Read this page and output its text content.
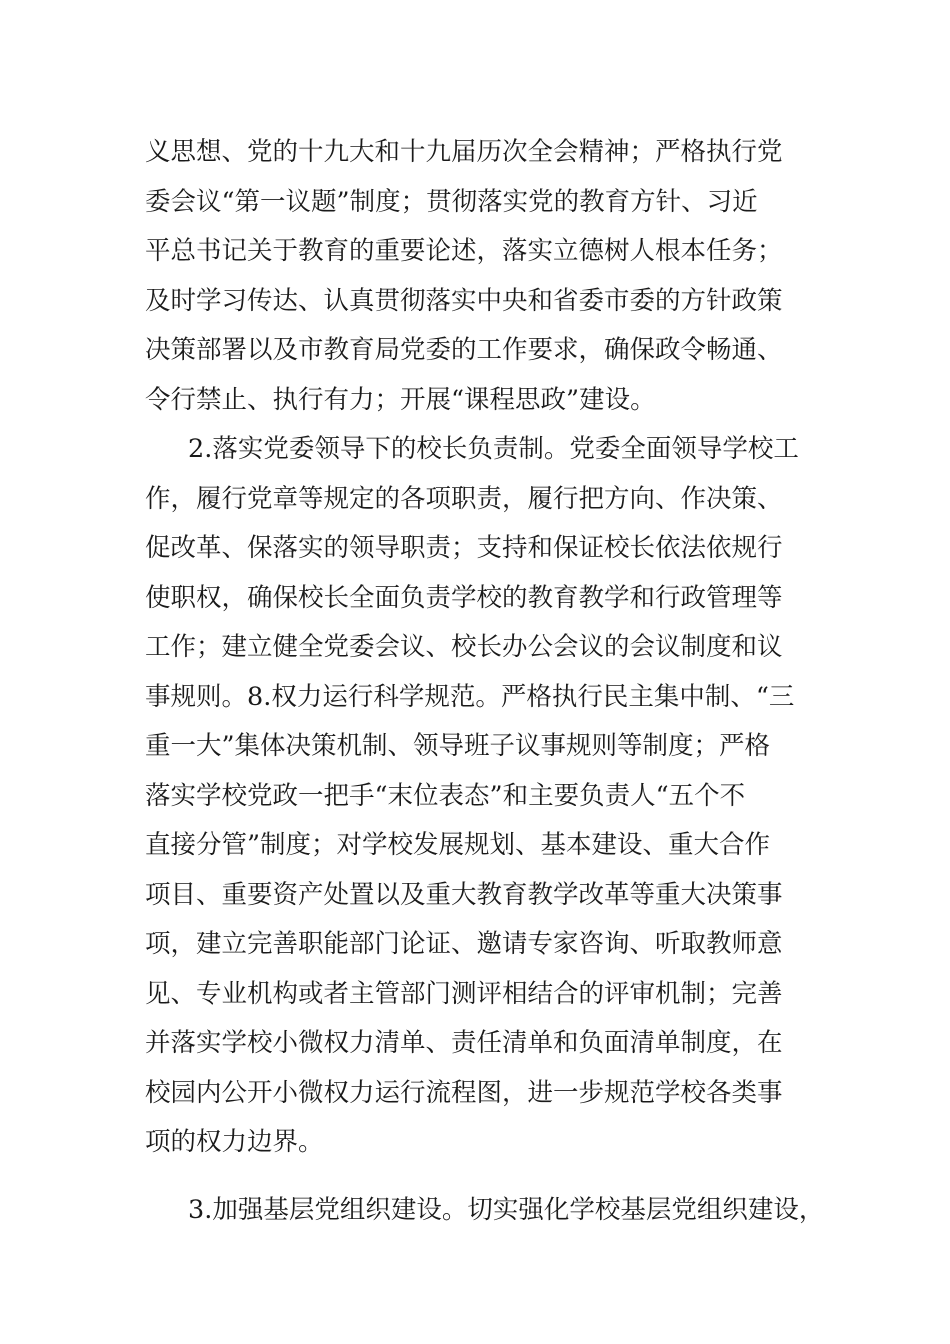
义思想、党的十九大和十九届历次全会精神；严格执行党
委会议“第一议题”制度；贯彻落实党的教育方针、习近
平总书记关于教育的重要论述，落实立德树人根本任务；
及时学习传达、认真贯彻落实中央和省委市委的方针政策
决策部署以及市教育局党委的工作要求，确保政令畅通、
令行禁止、执行有力；开展“课程思政”建设。
2.落实党委领导下的校长负责制。党委全面领导学校工
作，履行党章等规定的各项职责，履行把方向、作决策、
促改革、保落实的领导职责；支持和保证校长依法依规行
使职权，确保校长全面负责学校的教育教学和行政管理等
工作；建立健全党委会议、校长办公会议的会议制度和议
事规则。8.权力运行科学规范。严格执行民主集中制、“三
重一大”集体决策机制、领导班子议事规则等制度；严格
落实学校党政一把手“末位表态”和主要负责人“五个不
直接分管”制度；对学校发展规划、基本建设、重大合作
项目、重要资产处置以及重大教育教学改革等重大决策事
项，建立完善职能部门论证、邀请专家咨询、听取教师意
见、专业机构或者主管部门测评相结合的评审机制；完善
并落实学校小微权力清单、责任清单和负面清单制度，在
校园内公开小微权力运行流程图，进一步规范学校各类事
项的权力边界。
3.加强基层党组织建设。切实强化学校基层党组织建设，
